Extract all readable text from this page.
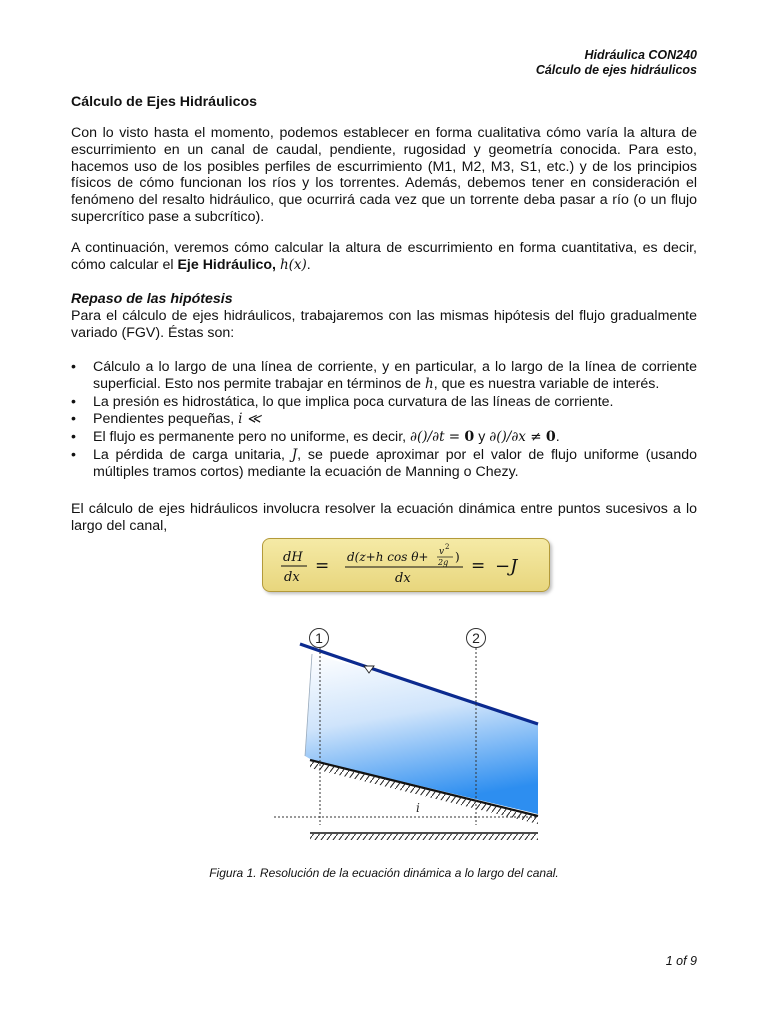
Hidráulica CON240
Cálculo de ejes hidráulicos
Cálculo de Ejes Hidráulicos

Con lo visto hasta el momento, podemos establecer en forma cualitativa cómo varía la altura de escurrimiento en un canal de caudal, pendiente, rugosidad y geometría conocida. Para esto, hacemos uso de los posibles perfiles de escurrimiento (M1, M2, M3, S1, etc.) y de los principios físicos de cómo funcionan los ríos y los torrentes. Además, debemos tener en consideración el fenómeno del resalto hidráulico, que ocurrirá cada vez que un torrente deba pasar a río (o un flujo supercrítico pase a subcrítico).

A continuación, veremos cómo calcular la altura de escurrimiento en forma cuantitativa, es decir, cómo calcular el Eje Hidráulico, h(x).

Repaso de las hipótesis

Para el cálculo de ejes hidráulicos, trabajaremos con las mismas hipótesis del flujo gradualmente variado (FGV). Éstas son:

• Cálculo a lo largo de una línea de corriente, y en particular, a lo largo de la línea de corriente superficial. Esto nos permite trabajar en términos de h, que es nuestra variable de interés.
• La presión es hidrostática, lo que implica poca curvatura de las líneas de corriente.
• Pendientes pequeñas, i ≪
• El flujo es permanente pero no uniforme, es decir, ∂()/∂t = 0 y ∂()/∂x ≠ 0.
• La pérdida de carga unitaria, J, se puede aproximar por el valor de flujo uniforme (usando múltiples tramos cortos) mediante la ecuación de Manning o Chezy.

El cálculo de ejes hidráulicos involucra resolver la ecuación dinámica entre puntos sucesivos a lo largo del canal,

dH
dx
= d(z+h cos θ+ v 2
2g )
dx
= −J
1	2
i
Figura 1. Resolución de la ecuación dinámica a lo largo del canal.
1 of 9
